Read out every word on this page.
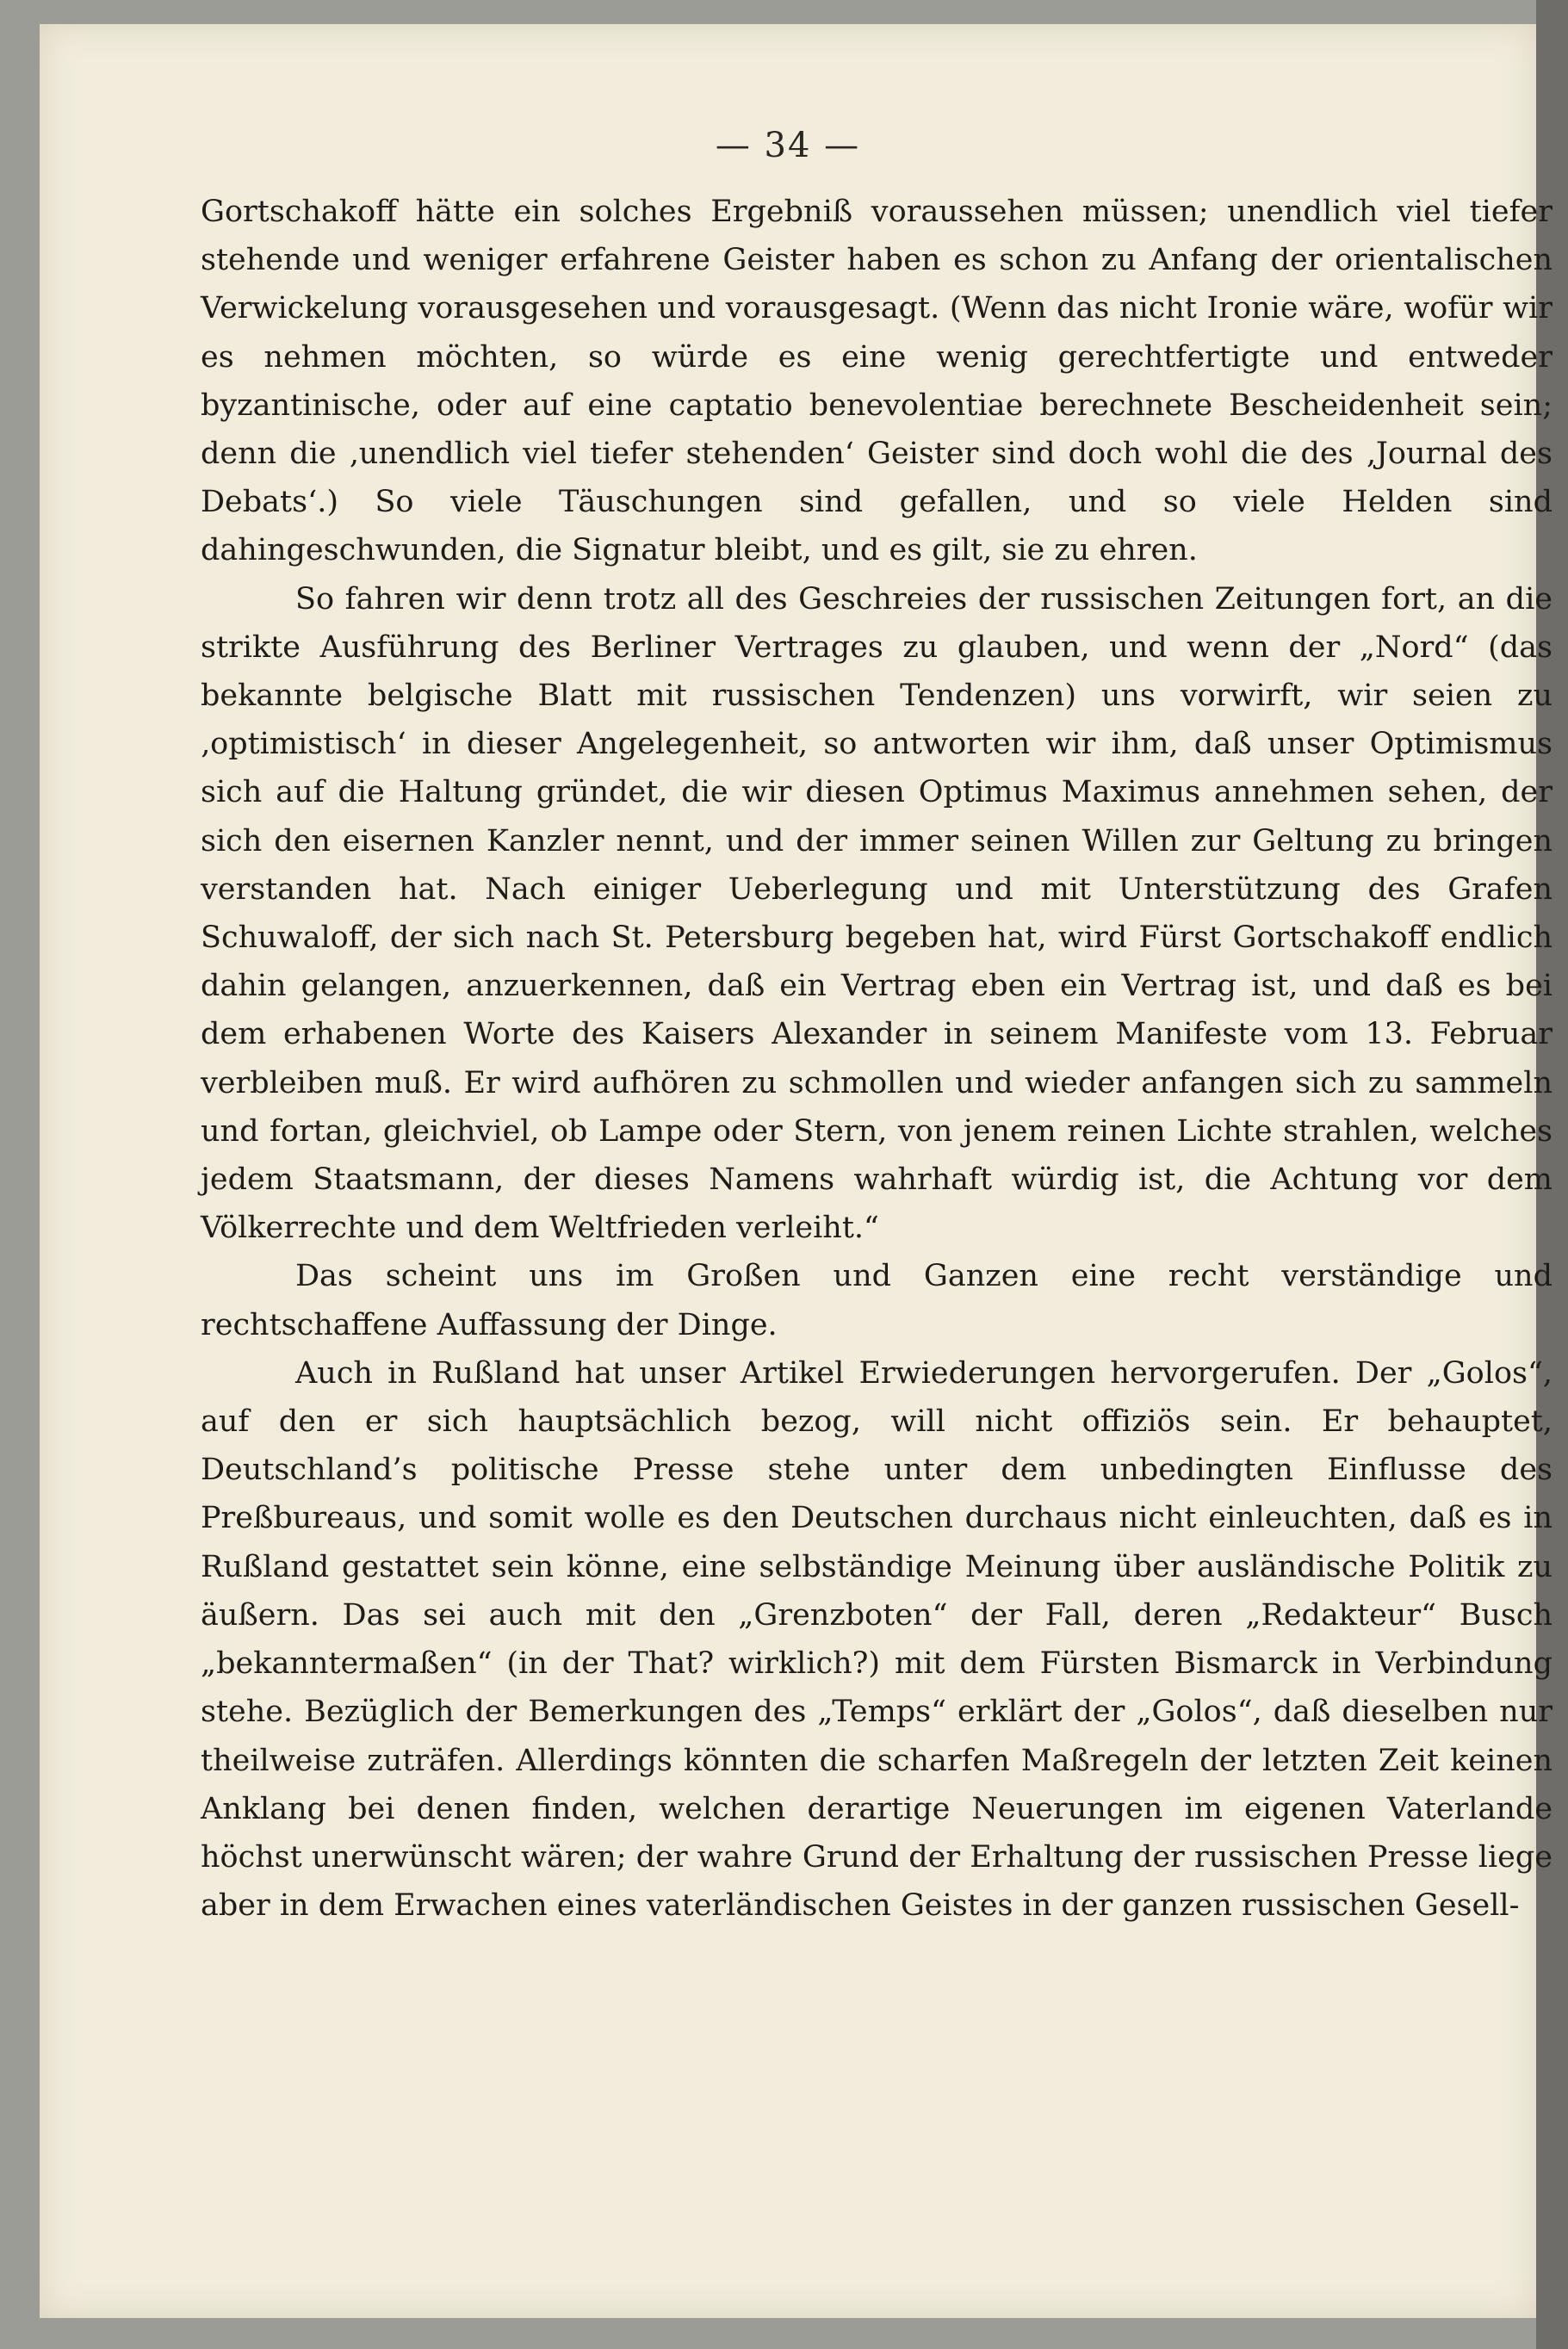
— 34 —

Gortschakoff hätte ein solches Ergebniß voraussehen müssen; unendlich viel tiefer stehende und weniger erfahrene Geister haben es schon zu Anfang der orientalischen Verwickelung vorausgesehen und vorausgesagt. (Wenn das nicht Ironie wäre, wofür wir es nehmen möchten, so würde es eine wenig gerechtfertigte und entweder byzantinische, oder auf eine captatio benevolentiae berechnete Bescheidenheit sein; denn die ‚unendlich viel tiefer stehenden‘ Geister sind doch wohl die des ‚Journal des Debats‘.) So viele Täuschungen sind gefallen, und so viele Helden sind dahingeschwunden, die Signatur bleibt, und es gilt, sie zu ehren.

So fahren wir denn trotz all des Geschreies der russischen Zeitungen fort, an die strikte Ausführung des Berliner Vertrages zu glauben, und wenn der „Nord“ (das bekannte belgische Blatt mit russischen Tendenzen) uns vorwirft, wir seien zu ‚optimistisch‘ in dieser Angelegenheit, so antworten wir ihm, daß unser Optimismus sich auf die Haltung gründet, die wir diesen Optimus Maximus annehmen sehen, der sich den eisernen Kanzler nennt, und der immer seinen Willen zur Geltung zu bringen verstanden hat. Nach einiger Ueberlegung und mit Unterstützung des Grafen Schuwaloff, der sich nach St. Petersburg begeben hat, wird Fürst Gortschakoff endlich dahin gelangen, anzuerkennen, daß ein Vertrag eben ein Vertrag ist, und daß es bei dem erhabenen Worte des Kaisers Alexander in seinem Manifeste vom 13. Februar verbleiben muß. Er wird aufhören zu schmollen und wieder anfangen sich zu sammeln und fortan, gleichviel, ob Lampe oder Stern, von jenem reinen Lichte strahlen, welches jedem Staatsmann, der dieses Namens wahrhaft würdig ist, die Achtung vor dem Völkerrechte und dem Weltfrieden verleiht.“

Das scheint uns im Großen und Ganzen eine recht verständige und rechtschaffene Auffassung der Dinge.

Auch in Rußland hat unser Artikel Erwiederungen hervorgerufen. Der „Golos“, auf den er sich hauptsächlich bezog, will nicht offiziös sein. Er behauptet, Deutschland’s politische Presse stehe unter dem unbedingten Einflusse des Preßbureaus, und somit wolle es den Deutschen durchaus nicht einleuchten, daß es in Rußland gestattet sein könne, eine selbständige Meinung über ausländische Politik zu äußern. Das sei auch mit den „Grenzboten“ der Fall, deren „Redakteur“ Busch „bekanntermaßen“ (in der That? wirklich?) mit dem Fürsten Bismarck in Verbindung stehe. Bezüglich der Bemerkungen des „Temps“ erklärt der „Golos“, daß dieselben nur theilweise zuträfen. Allerdings könnten die scharfen Maßregeln der letzten Zeit keinen Anklang bei denen finden, welchen derartige Neuerungen im eigenen Vaterlande höchst unerwünscht wären; der wahre Grund der Erhaltung der russischen Presse liege aber in dem Erwachen eines vaterländischen Geistes in der ganzen russischen Gesell-
